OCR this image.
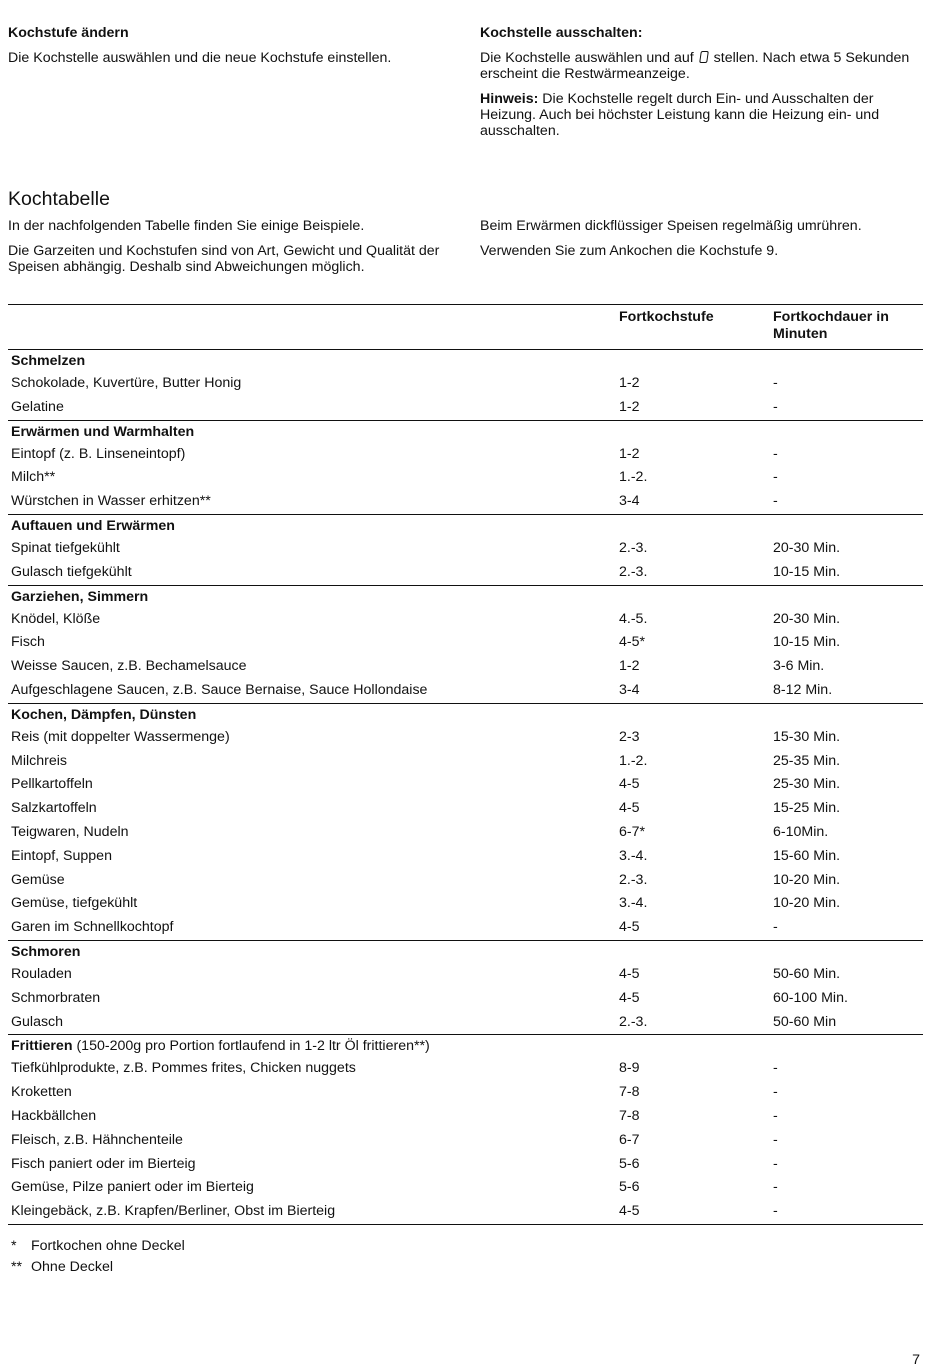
Kochstufe ändern

Die Kochstelle auswählen und die neue Kochstufe einstellen.

Kochstelle ausschalten:

Die Kochstelle auswählen und auf stellen. Nach etwa 5 Sekunden erscheint die Restwärmeanzeige.

Hinweis: Die Kochstelle regelt durch Ein- und Ausschalten der Heizung. Auch bei höchster Leistung kann die Heizung ein- und ausschalten.

Kochtabelle

In der nachfolgenden Tabelle finden Sie einige Beispiele.

Die Garzeiten und Kochstufen sind von Art, Gewicht und Qualität der Speisen abhängig. Deshalb sind Abweichungen möglich.

Beim Erwärmen dickflüssiger Speisen regelmäßig umrühren.

Verwenden Sie zum Ankochen die Kochstufe 9.

	Fortkochstufe	Fortkochdauer in Minuten
Schmelzen		
Schokolade, Kuvertüre, Butter Honig	1-2	-
Gelatine	1-2	-
Erwärmen und Warmhalten		
Eintopf (z. B. Linseneintopf)	1-2	-
Milch**	1.-2.	-
Würstchen in Wasser erhitzen**	3-4	-
Auftauen und Erwärmen		
Spinat tiefgekühlt	2.-3.	20-30 Min.
Gulasch tiefgekühlt	2.-3.	10-15 Min.
Garziehen, Simmern		
Knödel, Klöße	4.-5.	20-30 Min.
Fisch	4-5*	10-15 Min.
Weisse Saucen, z.B. Bechamelsauce	1-2	3-6 Min.
Aufgeschlagene Saucen, z.B. Sauce Bernaise, Sauce Hollondaise	3-4	8-12 Min.
Kochen, Dämpfen, Dünsten		
Reis (mit doppelter Wassermenge)	2-3	15-30 Min.
Milchreis	1.-2.	25-35 Min.
Pellkartoffeln	4-5	25-30 Min.
Salzkartoffeln	4-5	15-25 Min.
Teigwaren, Nudeln	6-7*	6-10Min.
Eintopf, Suppen	3.-4.	15-60 Min.
Gemüse	2.-3.	10-20 Min.
Gemüse, tiefgekühlt	3.-4.	10-20 Min.
Garen im Schnellkochtopf	4-5	-
Schmoren		
Rouladen	4-5	50-60 Min.
Schmorbraten	4-5	60-100 Min.
Gulasch	2.-3.	50-60 Min
Frittieren (150-200g pro Portion fortlaufend in 1-2 ltr Öl frittieren**)		
Tiefkühlprodukte, z.B. Pommes frites, Chicken nuggets	8-9	-
Kroketten	7-8	-
Hackbällchen	7-8	-
Fleisch, z.B. Hähnchenteile	6-7	-
Fisch paniert oder im Bierteig	5-6	-
Gemüse, Pilze paniert oder im Bierteig	5-6	-
Kleingebäck, z.B. Krapfen/Berliner, Obst im Bierteig	4-5	-
* Fortkochen ohne Deckel
** Ohne Deckel
7
